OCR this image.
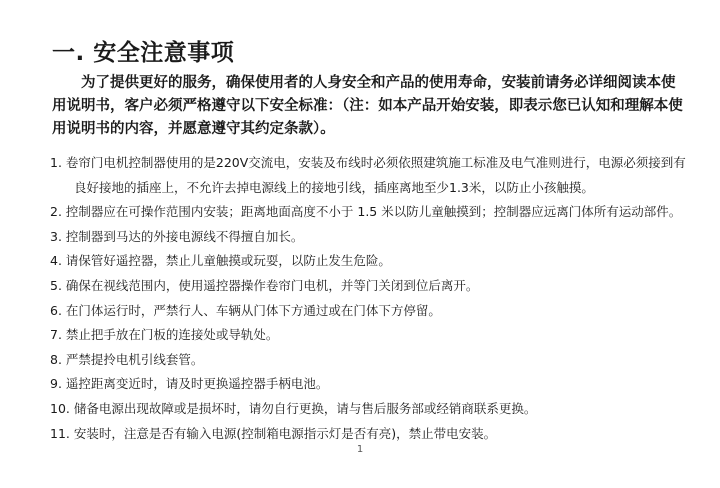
一. 安全注意事项
为了提供更好的服务，确保使用者的人身安全和产品的使用寿命，安装前请务必详细阅读本使用说明书，客户必须严格遵守以下安全标准：（注：如本产品开始安装，即表示您已认知和理解本使用说明书的内容，并愿意遵守其约定条款）。
1. 卷帘门电机控制器使用的是220V交流电，安装及布线时必须依照建筑施工标准及电气准则进行，电源必须接到有良好接地的插座上，不允许去掉电源线上的接地引线，插座离地至少1.3米，以防止小孩触摸。
2. 控制器应在可操作范围内安装；距离地面高度不小于 1.5 米以防儿童触摸到；控制器应远离门体所有运动部件。
3. 控制器到马达的外接电源线不得擅自加长。
4. 请保管好遥控器，禁止儿童触摸或玩耍，以防止发生危险。
5. 确保在视线范围内，使用遥控器操作卷帘门电机，并等门关闭到位后离开。
6. 在门体运行时，严禁行人、车辆从门体下方通过或在门体下方停留。
7. 禁止把手放在门板的连接处或导轨处。
8. 严禁提拎电机引线套管。
9. 遥控距离变近时，请及时更换遥控器手柄电池。
10. 储备电源出现故障或是损坏时，请勿自行更换，请与售后服务部或经销商联系更换。
11. 安装时，注意是否有输入电源(控制箱电源指示灯是否有亮)，禁止带电安装。
1
